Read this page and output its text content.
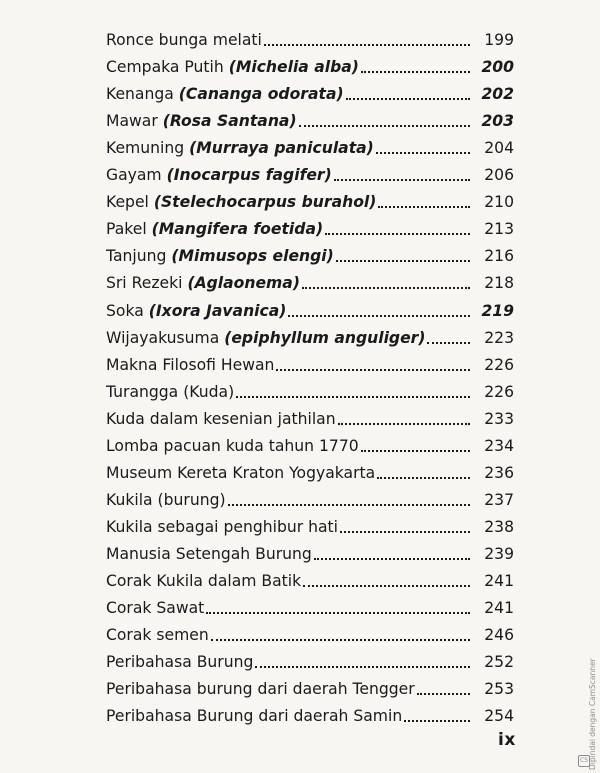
Ronce bunga melati	199
Cempaka Putih (Michelia alba)	200
Kenanga (Cananga odorata)	202
Mawar (Rosa Santana)	203
Kemuning (Murraya paniculata)	204
Gayam (Inocarpus fagifer)	206
Kepel (Stelechocarpus burahol)	210
Pakel (Mangifera foetida)	213
Tanjung (Mimusops elengi)	216
Sri Rezeki (Aglaonema)	218
Soka (Ixora Javanica)	219
Wijayakusuma (epiphyllum anguliger)	223
Makna Filosofi Hewan	226
Turangga (Kuda)	226
Kuda dalam kesenian jathilan	233
Lomba pacuan kuda tahun 1770	234
Museum Kereta Kraton Yogyakarta	236
Kukila (burung)	237
Kukila sebagai penghibur hati	238
Manusia Setengah Burung	239
Corak Kukila dalam Batik	241
Corak Sawat	241
Corak semen	246
Peribahasa Burung	252
Peribahasa burung dari daerah Tengger	253
Peribahasa Burung dari daerah Samin	254
ix	Dipindai dengan CamScanner
CS
